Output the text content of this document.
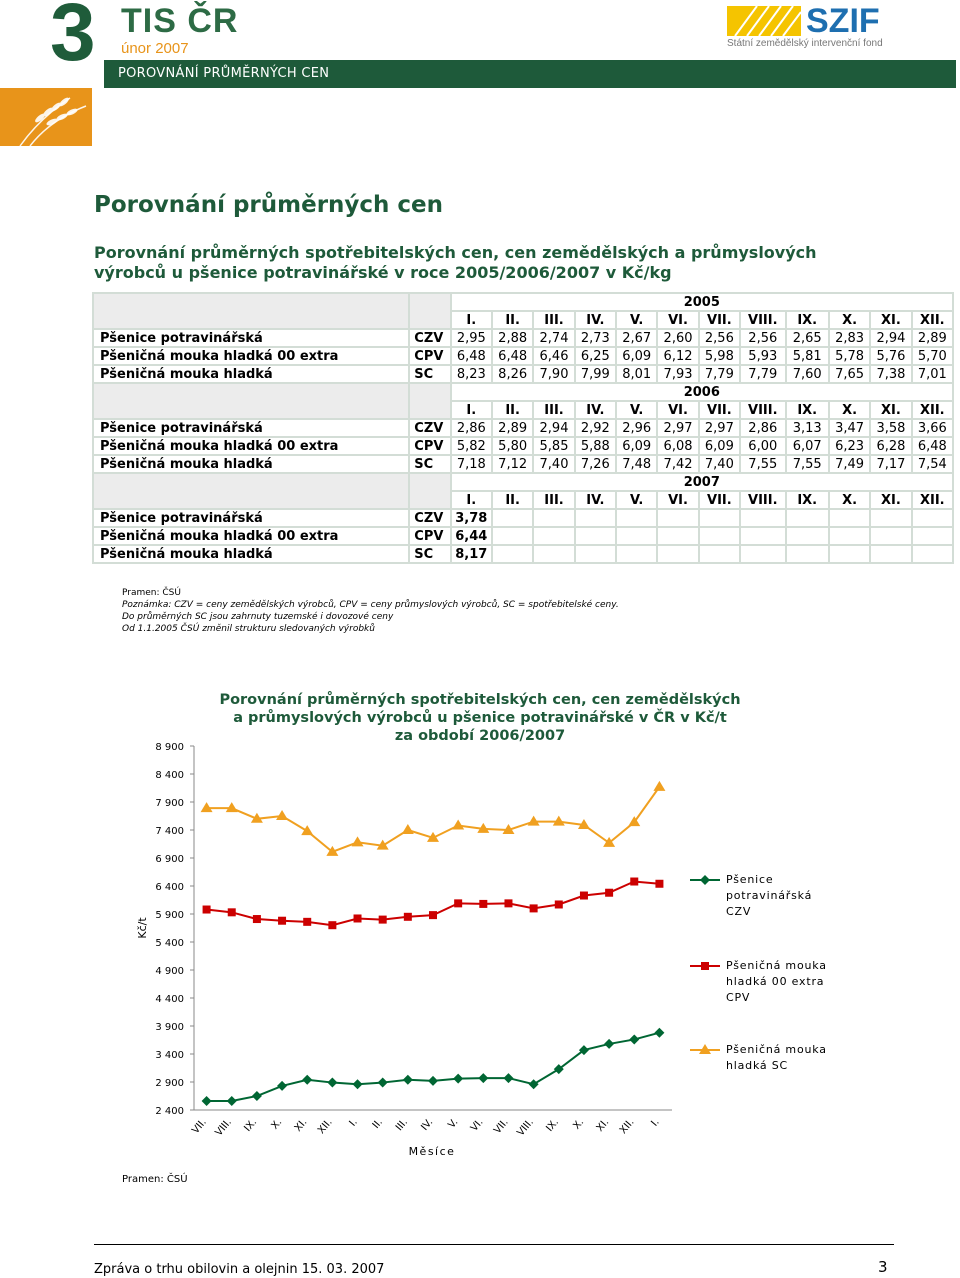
3 TIS ČR
únor 2007
POROVNÁNÍ PRŮMĚRNÝCH CEN
SZIF
Státní zemědělský intervenční fond
Porovnání průměrných cen
Porovnání průměrných spotřebitelských cen, cen zemědělských a průmyslových
výrobců u pšenice potravinářské v roce 2005/2006/2007 v Kč/kg
		2005											
		I.	II.	III.	IV.	V.	VI.	VII.	VIII.	IX.	X.	XI.	XII.
Pšenice potravinářská	CZV	2,95	2,88	2,74	2,73	2,67	2,60	2,56	2,56	2,65	2,83	2,94	2,89
Pšeničná mouka hladká 00 extra	CPV	6,48	6,48	6,46	6,25	6,09	6,12	5,98	5,93	5,81	5,78	5,76	5,70
Pšeničná mouka hladká	SC	8,23	8,26	7,90	7,99	8,01	7,93	7,79	7,79	7,60	7,65	7,38	7,01
		2006											
		I.	II.	III.	IV.	V.	VI.	VII.	VIII.	IX.	X.	XI.	XII.
Pšenice potravinářská	CZV	2,86	2,89	2,94	2,92	2,96	2,97	2,97	2,86	3,13	3,47	3,58	3,66
Pšeničná mouka hladká 00 extra	CPV	5,82	5,80	5,85	5,88	6,09	6,08	6,09	6,00	6,07	6,23	6,28	6,48
Pšeničná mouka hladká	SC	7,18	7,12	7,40	7,26	7,48	7,42	7,40	7,55	7,55	7,49	7,17	7,54
		2007											
		I.	II.	III.	IV.	V.	VI.	VII.	VIII.	IX.	X.	XI.	XII.
Pšenice potravinářská	CZV	3,78											
Pšeničná mouka hladká 00 extra	CPV	6,44											
Pšeničná mouka hladká	SC	8,17											
Pramen: ČSÚ
Poznámka: CZV = ceny zemědělských výrobců, CPV = ceny průmyslových výrobců, SC = spotřebitelské ceny.
Do průměrných SC jsou zahrnuty tuzemské i dovozové ceny
Od 1.1.2005 ČSÚ změnil strukturu sledovaných výrobků
Porovnání průměrných spotřebitelských cen, cen zemědělských
a průmyslových výrobců u pšenice potravinářské v ČR v Kč/t
za období 2006/2007
8 900
8 400
7 900
7 400
6 900
6 400
5 900
5 400
4 900
4 400
3 900
3 400
2 900
2 400
VII. VIII. IX. X. XI. XII. I. II. III. IV. V. VI. VII. VIII. IX. X. XI. XII. I.
Kč/t
Měsíce
Pšenice
potravinářská
CZV
Pšeničná mouka
hladká 00 extra
CPV
Pšeničná mouka
hladká SC
Pramen: ČSÚ
Zpráva o trhu obilovin a olejnin 15. 03. 2007	3
